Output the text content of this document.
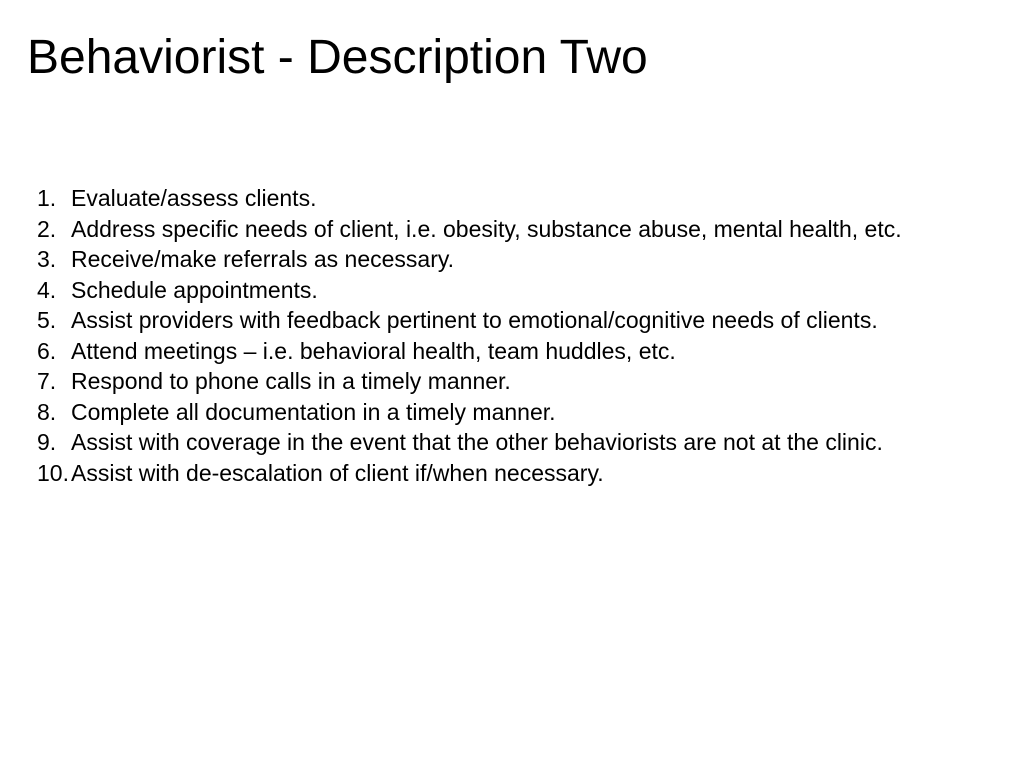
Behaviorist - Description Two
1. Evaluate/assess clients.
2. Address specific needs of client, i.e. obesity, substance abuse, mental health, etc.
3. Receive/make referrals as necessary.
4. Schedule appointments.
5. Assist providers with feedback pertinent to emotional/cognitive needs of clients.
6. Attend meetings – i.e. behavioral health, team huddles, etc.
7. Respond to phone calls in a timely manner.
8. Complete all documentation in a timely manner.
9. Assist with coverage in the event that the other behaviorists are not at the clinic.
10. Assist with de-escalation of client if/when necessary.
